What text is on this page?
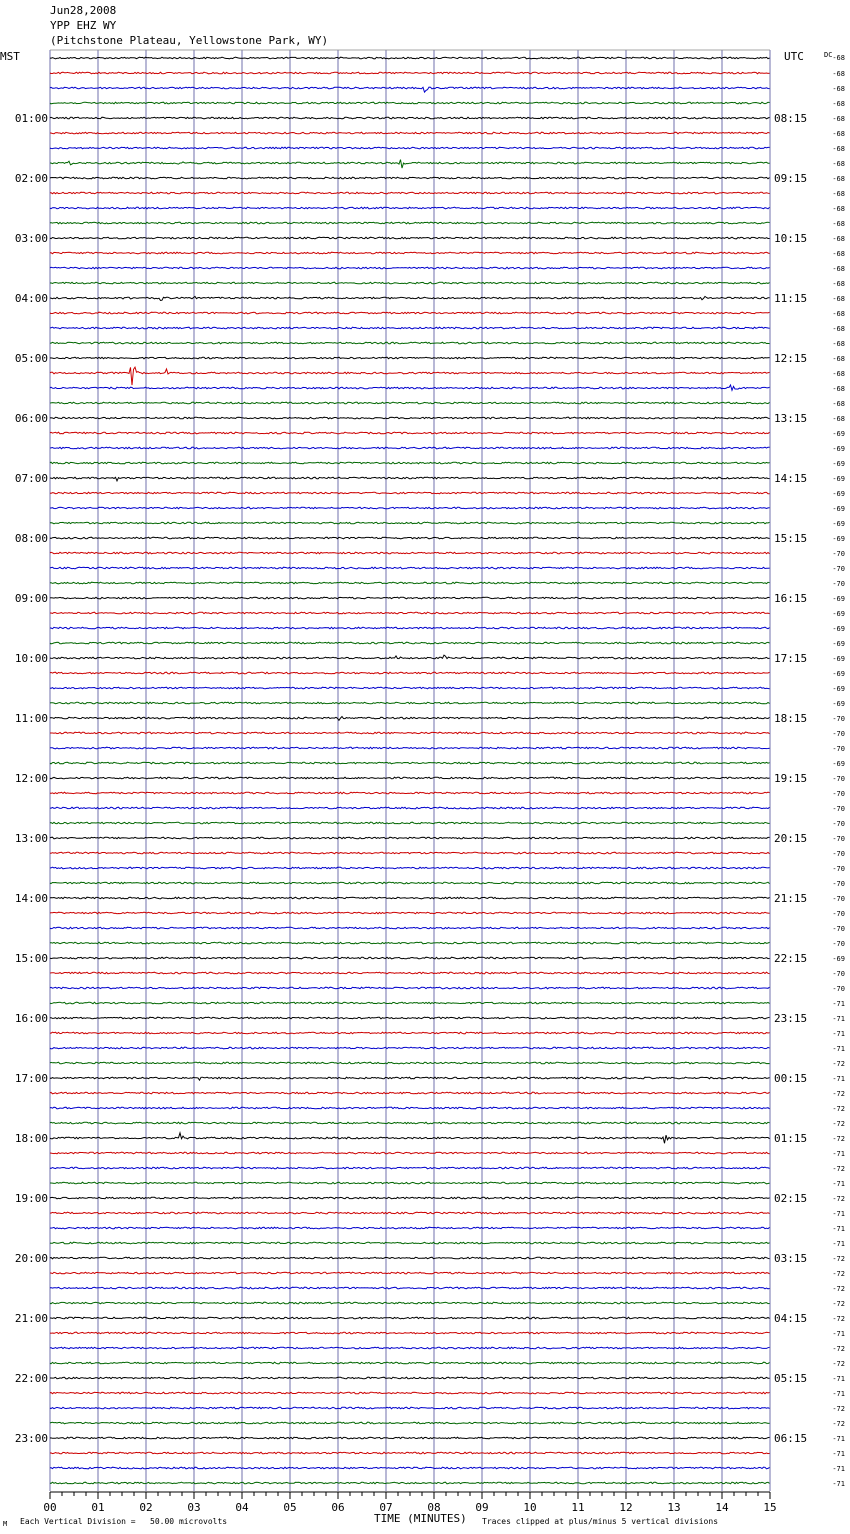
Jun28,2008
YPP EHZ WY
(Pitchstone Plateau, Yellowstone Park, WY)
-68
-68
-68
-68
-68
-68
-68
-68
-68
-68
-68
-68
-68
-68
-68
-68
-68
-68
-68
-68
-68
-68
-68
-68
-68
-69
-69
-69
-69
-69
-69
-69
-69
-70
-70
-70
-69
-69
-69
-69
-69
-69
-69
-69
-70
-70
-70
-69
-70
-70
-70
-70
-70
-70
-70
-70
-70
-70
-70
-70
-69
-70
-70
-71
-71
-71
-71
-72
-71
-72
-72
-72
-72
-71
-72
-71
-72
-71
-71
-71
-72
-72
-72
-72
-72
-71
-72
-72
-71
-71
-72
-72
-71
-71
-71
-71
01:00
02:00
03:00
04:00
05:00
06:00
07:00
08:00
09:00
10:00
11:00
12:00
13:00
14:00
15:00
16:00
17:00
18:00
19:00
20:00
21:00
22:00
23:00
08:15
09:15
10:15
11:15
12:15
13:15
14:15
15:15
16:15
17:15
18:15
19:15
20:15
21:15
22:15
23:15
00:15
01:15
02:15
03:15
04:15
05:15
06:15
00	01	02	03	04	05	06	07	08	09	10	11	12	13	14	15
MST	UTC	DC
M Each Vertical Division =   50.00 microvolts	TIME (MINUTES) Traces clipped at plus/minus 5 vertical divisions
